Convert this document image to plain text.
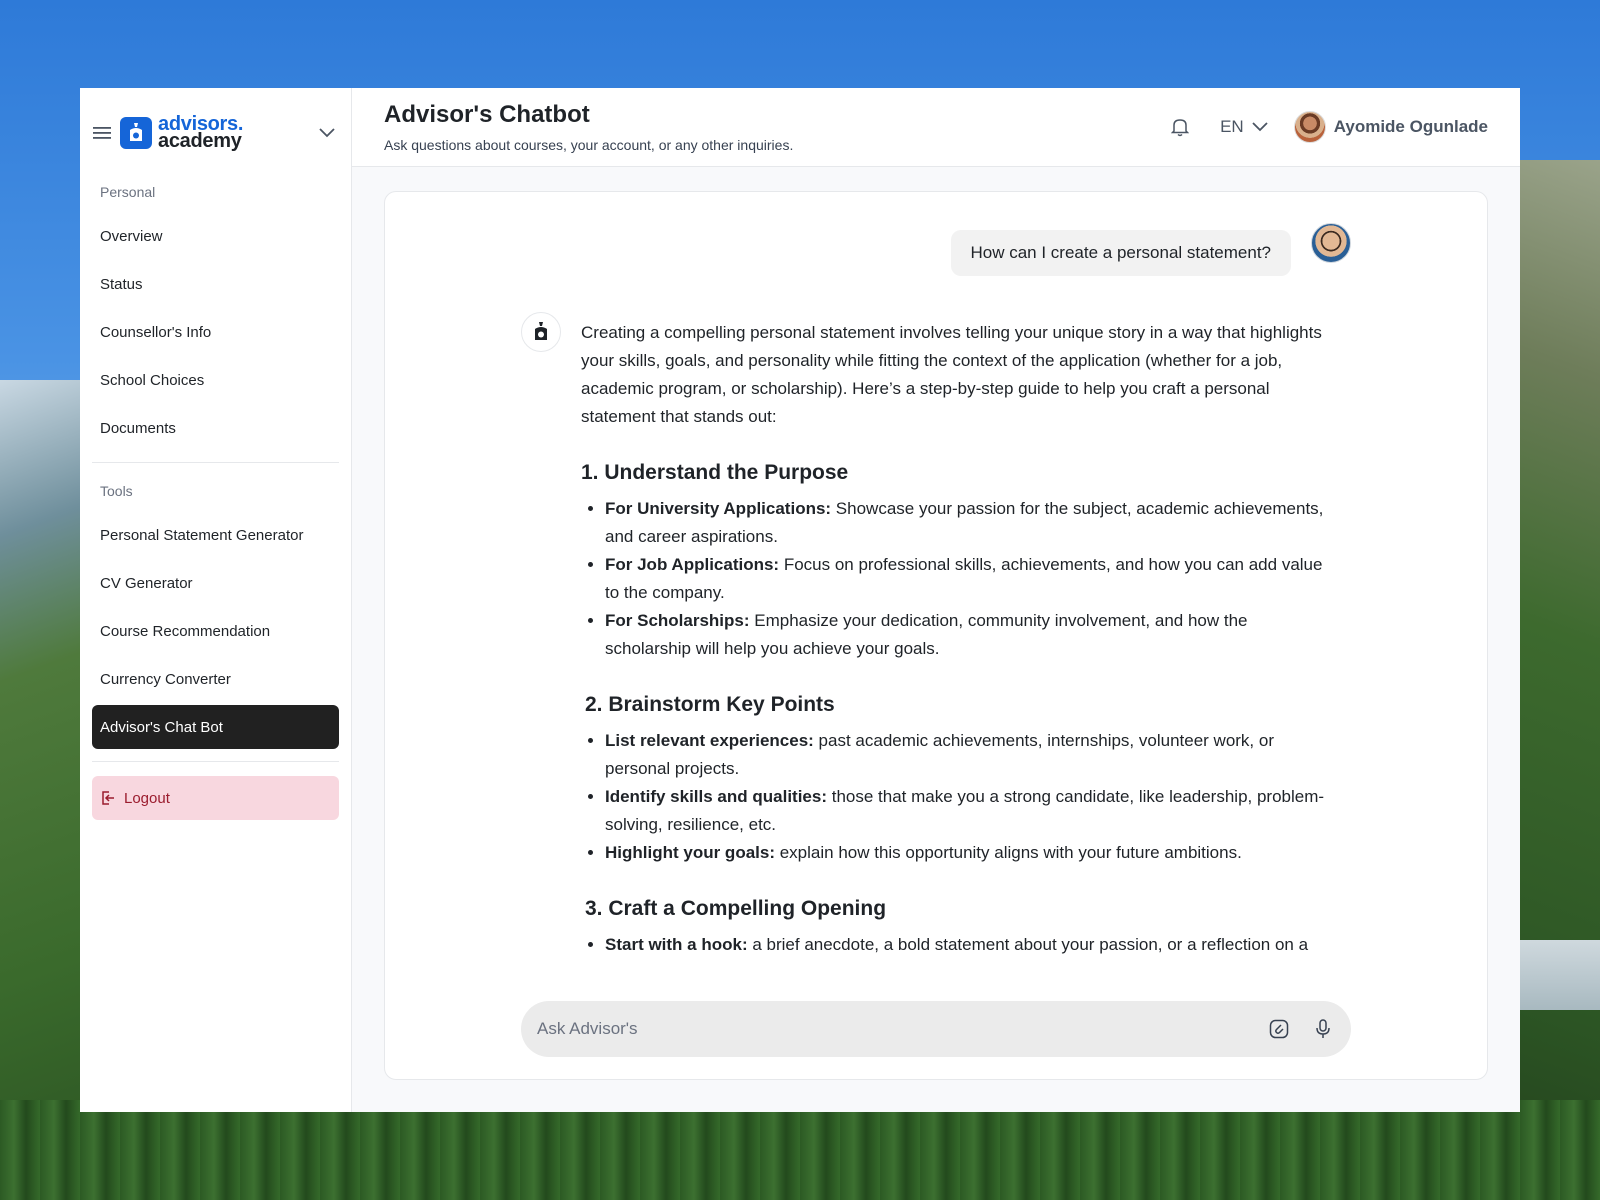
advisors.
academy
Personal
Overview
Status
Counsellor's Info
School Choices
Documents
Tools
Personal Statement Generator
CV Generator
Course Recommendation
Currency Converter
Advisor's Chat Bot
Logout
Advisor's Chatbot
Ask questions about courses, your account, or any other inquiries.
EN	Ayomide Ogunlade
How can I create a personal statement?

Creating a compelling personal statement involves telling your unique story in a way that highlights your skills, goals, and personality while fitting the context of the application (whether for a job, academic program, or scholarship). Here’s a step-by-step guide to help you craft a personal statement that stands out:

1. Understand the Purpose
• For University Applications: Showcase your passion for the subject, academic achievements, and career aspirations.
• For Job Applications: Focus on professional skills, achievements, and how you can add value to the company.
• For Scholarships: Emphasize your dedication, community involvement, and how the scholarship will help you achieve your goals.
2. Brainstorm Key Points
• List relevant experiences: past academic achievements, internships, volunteer work, or personal projects.
• Identify skills and qualities: those that make you a strong candidate, like leadership, problem-solving, resilience, etc.
• Highlight your goals: explain how this opportunity aligns with your future ambitions.
3. Craft a Compelling Opening
• Start with a hook: a brief anecdote, a bold statement about your passion, or a reflection on a
Ask Advisor's
